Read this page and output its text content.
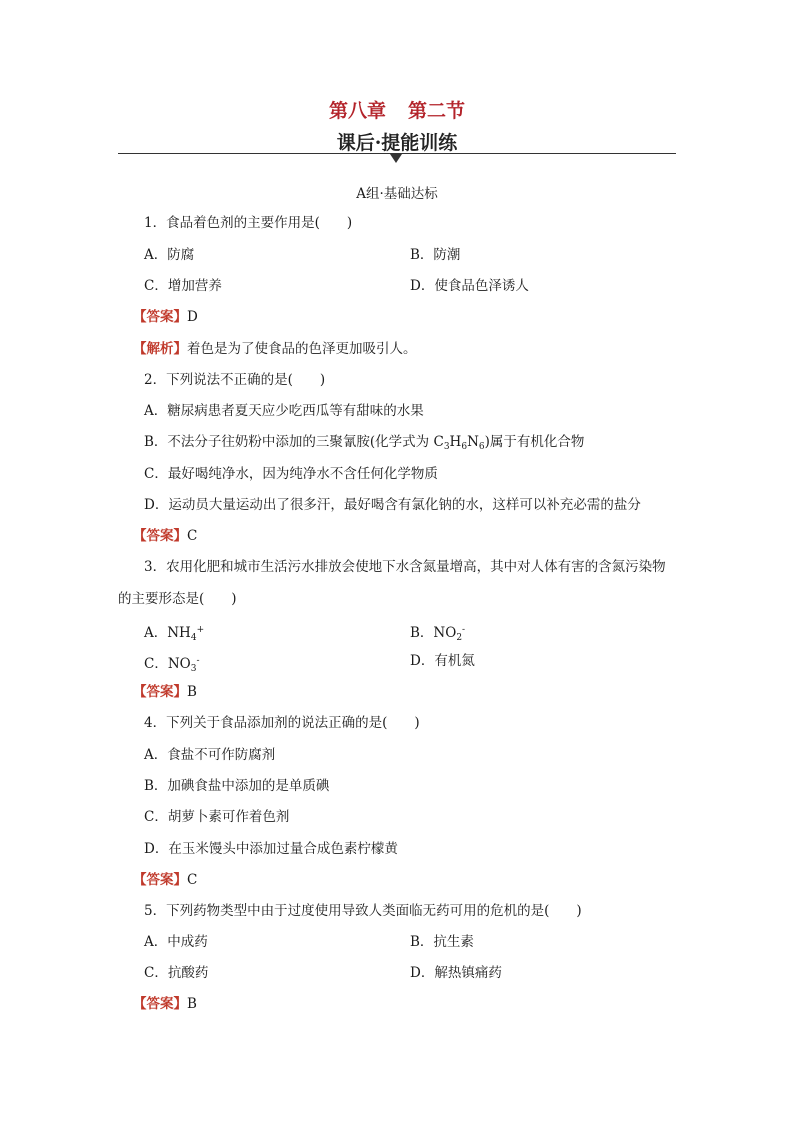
第八章 第二节
课后·提能训练
A组·基础达标
1．食品着色剂的主要作用是(　　)
A．防腐	B．防潮
C．增加营养	D．使食品色泽诱人
【答案】D
【解析】着色是为了使食品的色泽更加吸引人。
2．下列说法不正确的是(　　)
A．糖尿病患者夏天应少吃西瓜等有甜味的水果
B．不法分子往奶粉中添加的三聚氰胺(化学式为 $C_3H_6N_6$)属于有机化合物
C．最好喝纯净水，因为纯净水不含任何化学物质
D．运动员大量运动出了很多汗，最好喝含有氯化钠的水，这样可以补充必需的盐分
【答案】C
3．农用化肥和城市生活污水排放会使地下水含氮量增高，其中对人体有害的含氮污染物
的主要形态是(　　)
A．$NH_4^+$	B．$NO_2^-$
C．$NO_3^-$	D．有机氮
【答案】B
4．下列关于食品添加剂的说法正确的是(　　)
A．食盐不可作防腐剂
B．加碘食盐中添加的是单质碘
C．胡萝卜素可作着色剂
D．在玉米馒头中添加过量合成色素柠檬黄
【答案】C
5．下列药物类型中由于过度使用导致人类面临无药可用的危机的是(　　)
A．中成药	B．抗生素
C．抗酸药	D．解热镇痛药
【答案】B
